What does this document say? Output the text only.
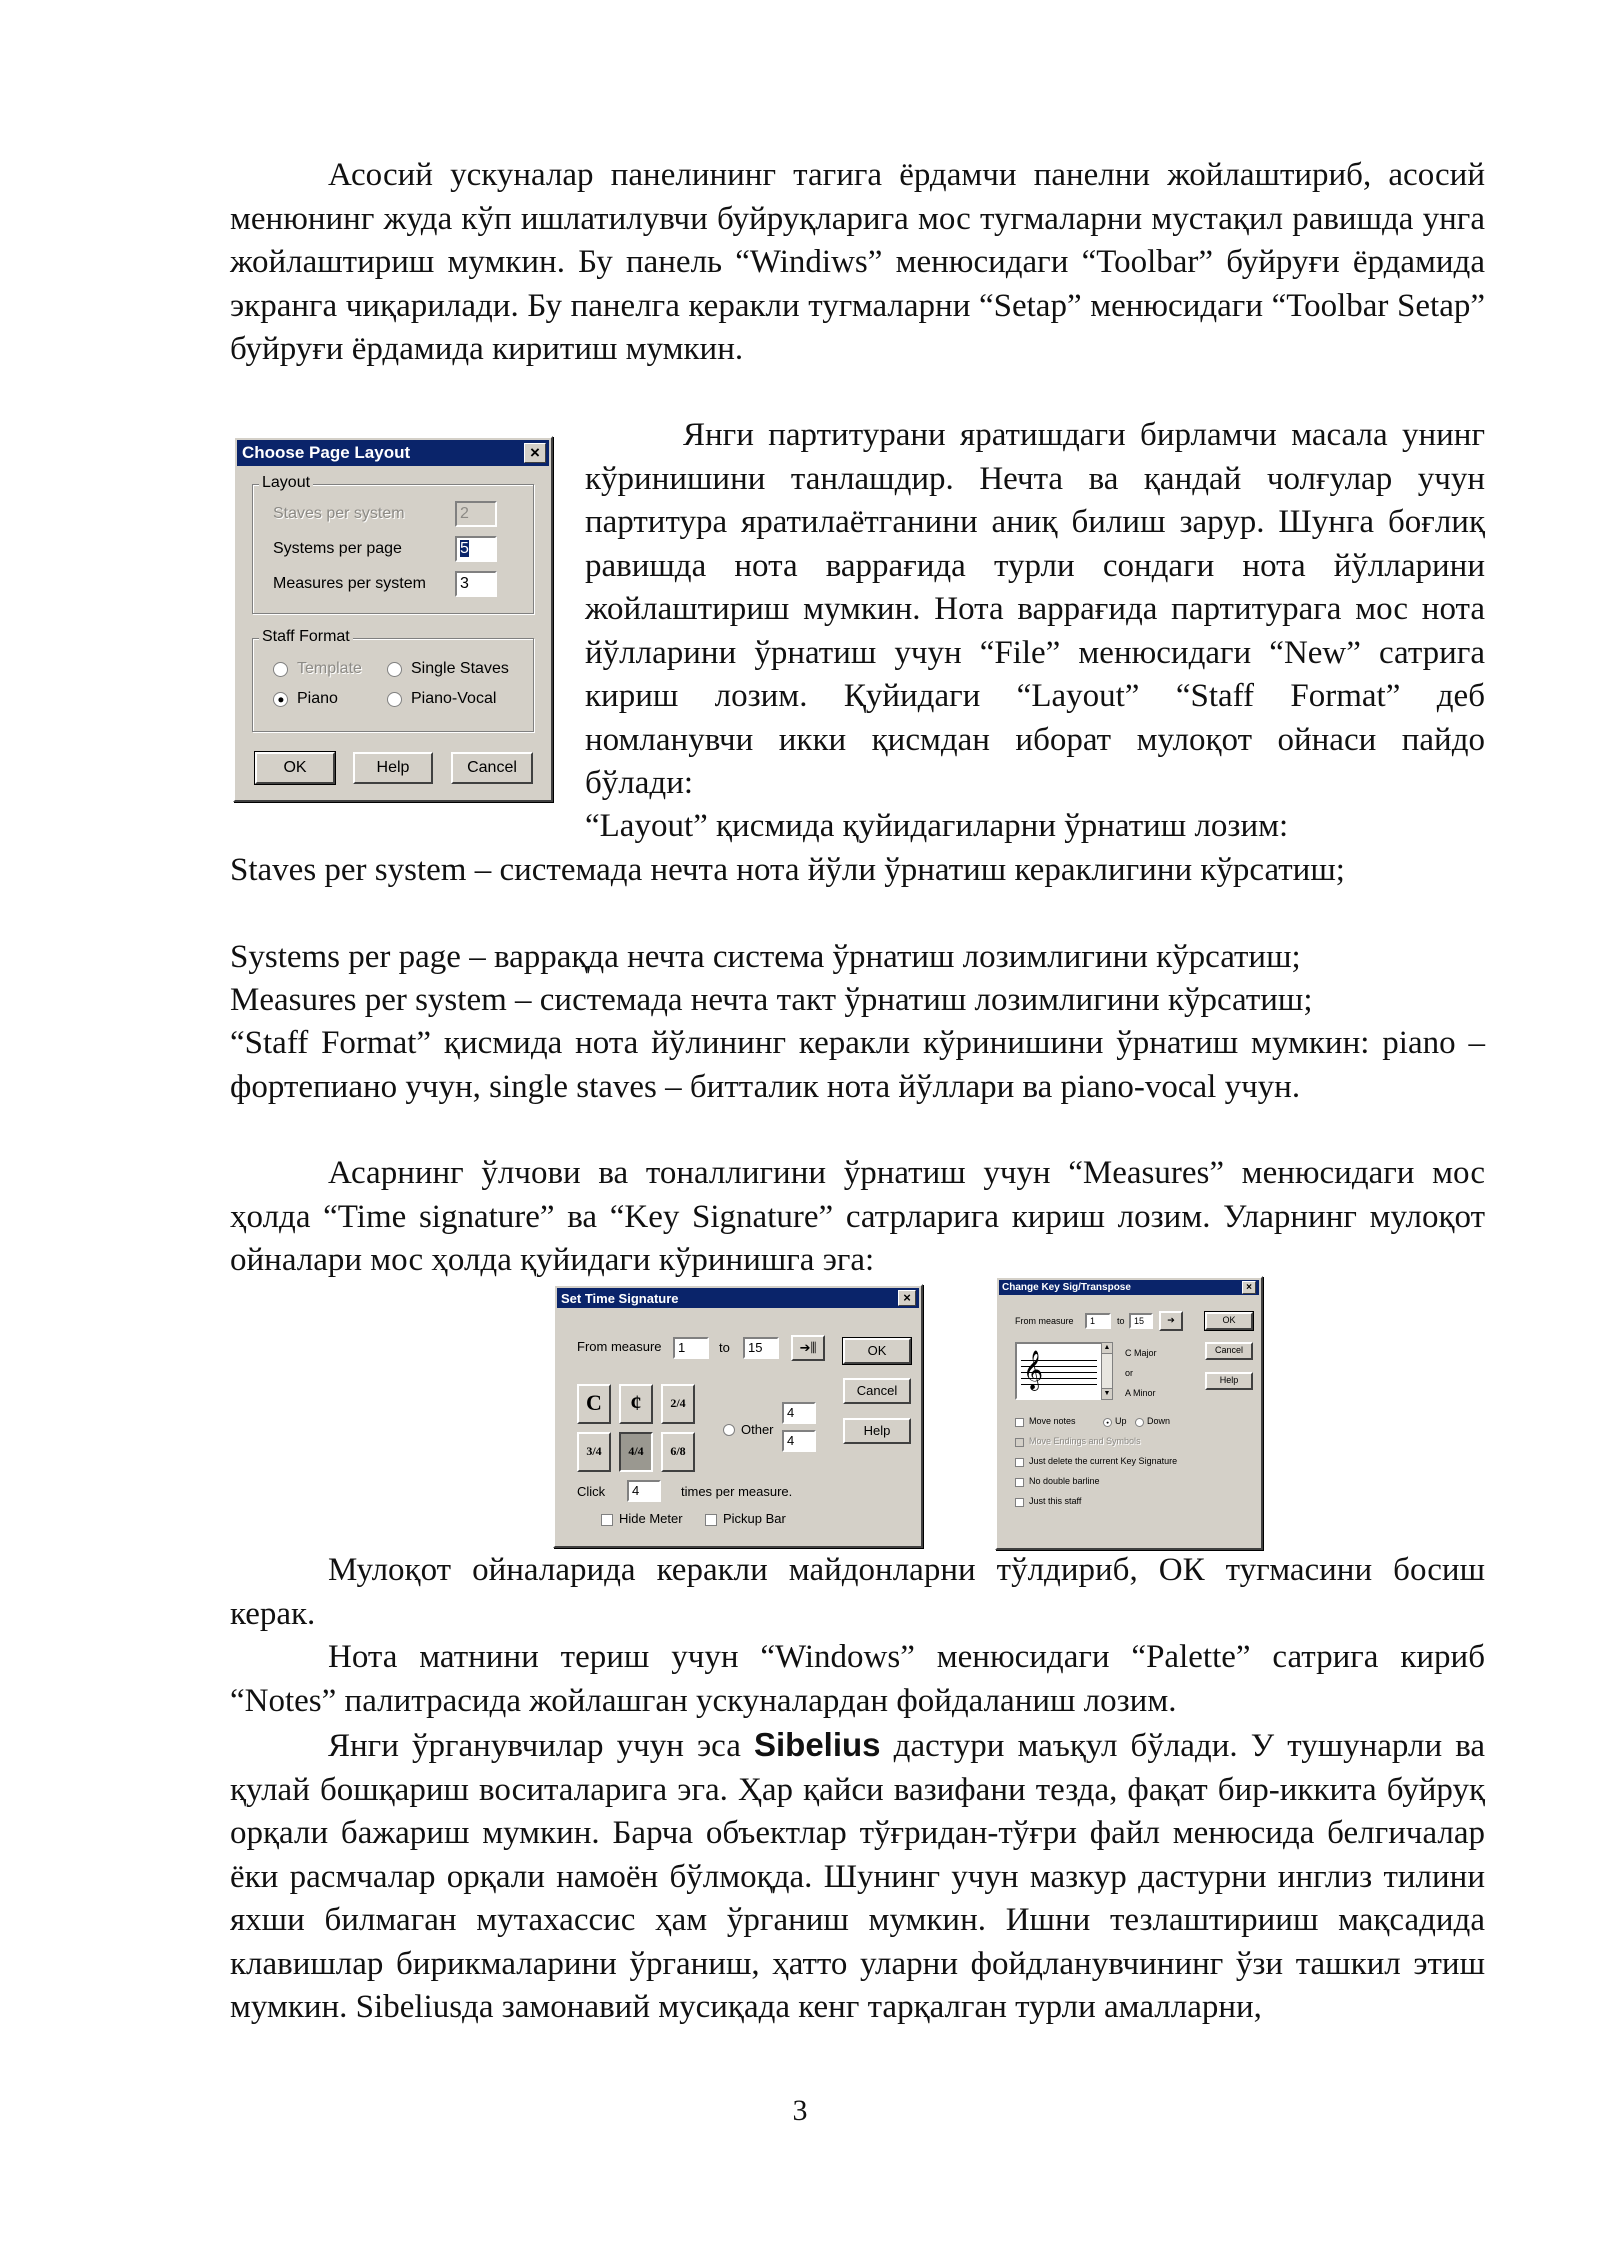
Асосий ускуналар панелининг тагига ёрдамчи панелни жойлаштириб, асосий менюнинг жуда кўп ишлатилувчи буйруқларига мос тугмаларни мустақил равишда унга жойлаштириш мумкин. Бу панель “Windiws” менюсидаги “Toolbar” буйруғи ёрдамида экранга чиқарилади. Бу панелга керакли тугмаларни “Setap” менюсидаги “Toolbar Setap” буйруғи ёрдамида киритиш мумкин.

Choose Page Layout	×
Layout
Staves per system	2
Systems per page	5
Measures per system	3
Staff Format
Template	Single Staves
Piano	Piano-Vocal
OK	Help	Cancel

Янги партитурани яратишдаги бирламчи масала унинг кўринишини танлашдир. Нечта ва қандай чолғулар учун партитура яратилаётганини аниқ билиш зарур. Шунга боғлиқ равишда нота варрағида турли сондаги нота йўлларини жойлаштириш мумкин. Нота варрағида партитурага мос нота йўлларини ўрнатиш учун “File” менюсидаги “New” сатрига кириш лозим. Қуйидаги “Layout” “Staff Format” деб номланувчи икки қисмдан иборат мулоқот ойнаси пайдо бўлади:

“Layout” қисмида қуйидагиларни ўрнатиш лозим:

Staves per system – системада нечта нота йўли ўрнатиш кераклигини кўрсатиш;

Systems per page – варрақда нечта система ўрнатиш лозимлигини кўрсатиш;

Measures per system – системада нечта такт ўрнатиш лозимлигини кўрсатиш;

“Staff Format” қисмида нота йўлининг керакли кўринишини ўрнатиш мумкин: piano – фортепиано учун, single staves – битталик нота йўллари ва piano-vocal учун.

Асарнинг ўлчови ва тоналлигини ўрнатиш учун “Measures” менюсидаги мос ҳолда “Time signature” ва “Key Signature” сатрларига кириш лозим. Уларнинг мулоқот ойналари мос ҳолда қуйидаги кўринишга эга:

Set Time Signature	×
From measure	1	to	15	➔⫼	OK
Cancel
Help
C	¢	2/4
3/4	4/4	6/8
Other
4
4
Click	4	times per measure.
Hide Meter	Pickup Bar
Change Key Sig/Transpose	×
From measure	1	to	15	➔	OK
Cancel
Help
𝄞
▲
▼
C Major
or
A Minor
Move notes	Up Down
Move Endings and Symbols
Just delete the current Key Signature
No double barline
Just this staff

Мулоқот ойналарида керакли майдонларни тўлдириб, ОК тугмасини босиш керак.

Нота матнини териш учун “Windows” менюсидаги “Palette” сатрига кириб “Notes” палитрасида жойлашган ускуналардан фойдаланиш лозим.

Янги ўрганувчилар учун эса Sibelius дастури маъқул бўлади. У тушунарли ва қулай бошқариш воситаларига эга. Ҳар қайси вазифани тезда, фақат бир-иккита буйруқ орқали бажариш мумкин. Барча объектлар тўғридан-тўғри файл менюсида белгичалар ёки расмчалар орқали намоён бўлмоқда. Шунинг учун мазкур дастурни инглиз тилини яхши билмаган мутахассис ҳам ўрганиш мумкин. Ишни тезлаштирииш мақсадида клавишлар бирикмаларини ўрганиш, ҳатто уларни фойдланувчининг ўзи ташкил этиш мумкин. Sibeliusда замонавий мусиқада кенг тарқалган турли амалларни,

3
